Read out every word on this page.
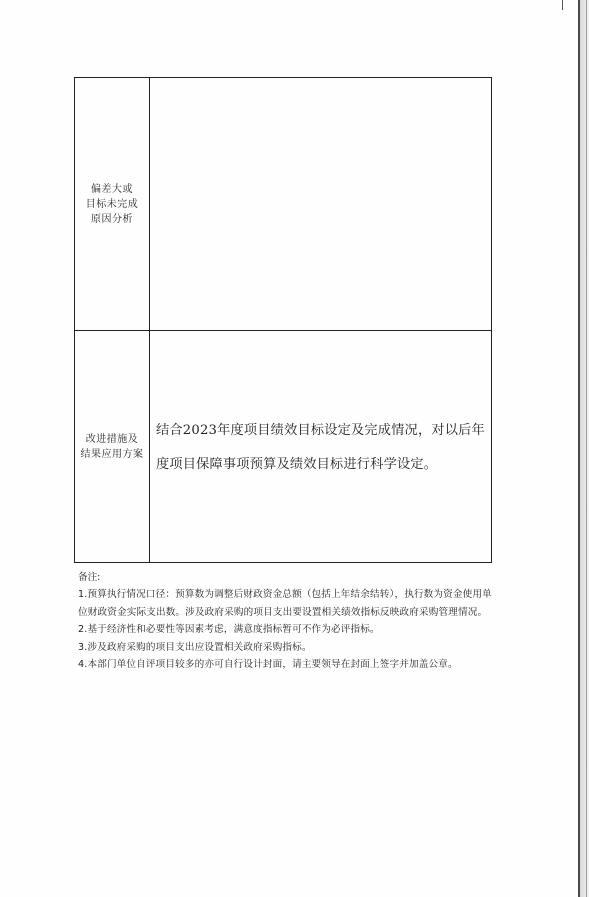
偏差大或
目标未完成
原因分析
改进措施及
结果应用方案
结合2023年度项目绩效目标设定及完成情况，对以后年度项目保障事项预算及绩效目标进行科学设定。

备注:

1.预算执行情况口径：预算数为调整后财政资金总额（包括上年结余结转），执行数为资金使用单位财政资金实际支出数。涉及政府采购的项目支出要设置相关绩效指标反映政府采购管理情况。

2.基于经济性和必要性等因素考虑，满意度指标暂可不作为必评指标。

3.涉及政府采购的项目支出应设置相关政府采购指标。

4.本部门单位自评项目较多的亦可自行设计封面，请主要领导在封面上签字并加盖公章。
